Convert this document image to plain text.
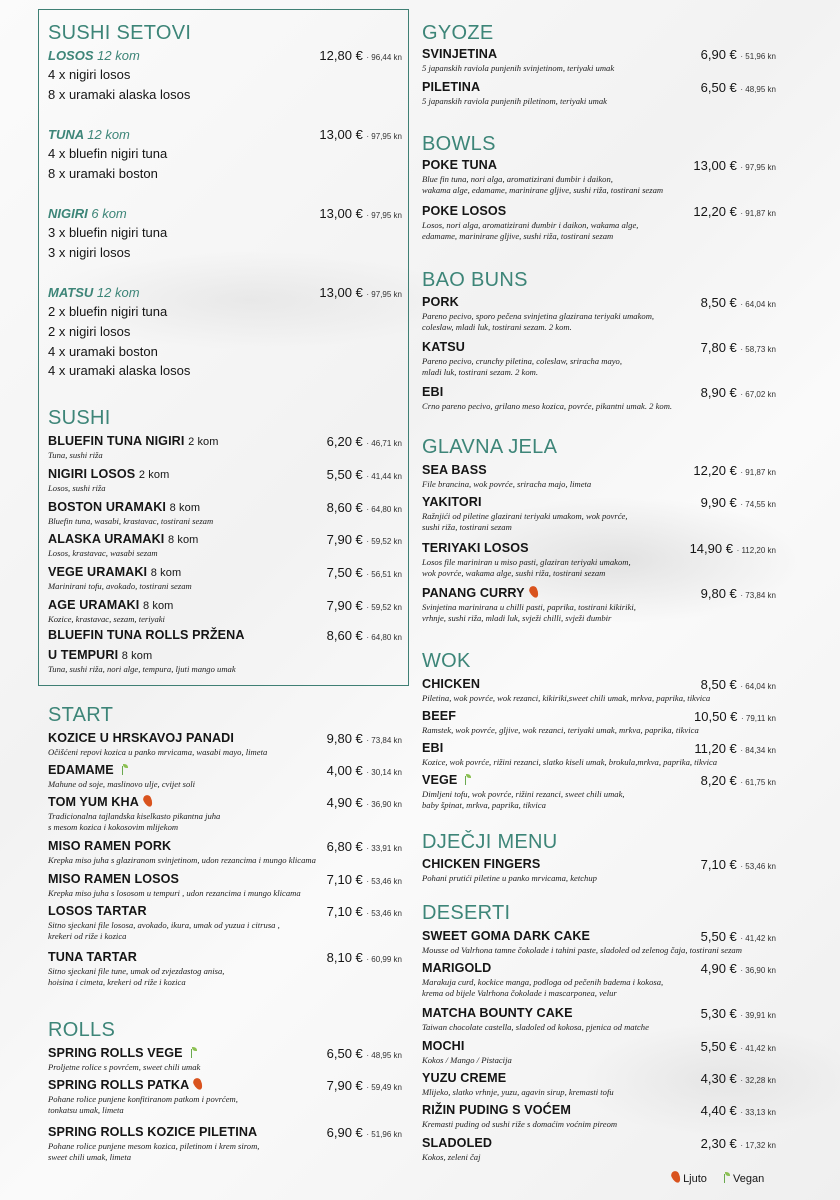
SUSHI SETOVI
LOSOS 12 kom	12,80 € · 96,44 kn
4 x nigiri losos
8 x uramaki alaska losos
TUNA 12 kom	13,00 € · 97,95 kn
4 x bluefin nigiri tuna
8 x uramaki boston
NIGIRI 6 kom	13,00 € · 97,95 kn
3 x bluefin nigiri tuna
3 x nigiri losos
MATSU 12 kom	13,00 € · 97,95 kn
2 x bluefin nigiri tuna
2 x nigiri losos
4 x uramaki boston
4 x uramaki alaska losos
SUSHI
BLUEFIN TUNA NIGIRI 2 kom	6,20 € · 46,71 kn
Tuna, sushi riža
NIGIRI LOSOS 2 kom	5,50 € · 41,44 kn
Losos, sushi riža
BOSTON URAMAKI 8 kom	8,60 € · 64,80 kn
Bluefin tuna, wasabi, krastavac, tostirani sezam
ALASKA URAMAKI 8 kom	7,90 € · 59,52 kn
Losos, krastavac, wasabi sezam
VEGE URAMAKI 8 kom	7,50 € · 56,51 kn
Marinirani tofu, avokado, tostirani sezam
AGE URAMAKI 8 kom	7,90 € · 59,52 kn
Kozice, krastavac, sezam, teriyaki
BLUEFIN TUNA ROLLS PRŽENA
U TEMPURI 8 kom
8,60 € · 64,80 kn
Tuna, sushi riža, nori alge, tempura, ljuti mango umak
START
KOZICE U HRSKAVOJ PANADI	9,80 € · 73,84 kn
Očišćeni repovi kozica u panko mrvicama, wasabi mayo, limeta
EDAMAME	4,00 € · 30,14 kn
Mahune od soje, maslinovo ulje, cvijet soli
TOM YUM KHA	4,90 € · 36,90 kn
Tradicionalna tajlandska kiselkasto pikantna juha
s mesom kozica i kokosovim mlijekom
MISO RAMEN PORK	6,80 € · 33,91 kn
Krepka miso juha s glaziranom svinjetinom, udon rezancima i mungo klicama
MISO RAMEN LOSOS	7,10 € · 53,46 kn
Krepka miso juha s lososom u tempuri , udon rezancima i mungo klicama
LOSOS TARTAR	7,10 € · 53,46 kn
Sitno sjeckani file lososa, avokado, ikura, umak od yuzua i citrusa ,
krekeri od riže i kozica
TUNA TARTAR	8,10 € · 60,99 kn
Sitno sjeckani file tune, umak od zvjezdastog anisa,
hoisina i cimeta, krekeri od riže i kozica
ROLLS
SPRING ROLLS VEGE	6,50 € · 48,95 kn
Proljetne rolice s povrćem, sweet chili umak
SPRING ROLLS PATKA	7,90 € · 59,49 kn
Pohane rolice punjene konfitiranom patkom i povrćem,
tonkatsu umak, limeta
SPRING ROLLS KOZICE PILETINA	6,90 € · 51,96 kn
Pohane rolice punjene mesom kozica, piletinom i krem sirom,
sweet chili umak, limeta
GYOZE
SVINJETINA	6,90 € · 51,96 kn
5 japanskih raviola punjenih svinjetinom, teriyaki umak
PILETINA	6,50 € · 48,95 kn
5 japanskih raviola punjenih piletinom, teriyaki umak
BOWLS
POKE TUNA	13,00 € · 97,95 kn
Blue fin tuna, nori alga, aromatizirani đumbir i daikon,
wakama alge, edamame, marinirane gljive, sushi riža, tostirani sezam
POKE LOSOS	12,20 € · 91,87 kn
Losos, nori alga, aromatizirani đumbir i daikon, wakama alge,
edamame, marinirane gljive, sushi riža, tostirani sezam
BAO BUNS
PORK	8,50 € · 64,04 kn
Pareno pecivo, sporo pečena svinjetina glazirana teriyaki umakom,
coleslaw, mladi luk, tostirani sezam. 2 kom.
KATSU	7,80 € · 58,73 kn
Pareno pecivo, crunchy piletina, coleslaw, sriracha mayo,
mladi luk, tostirani sezam. 2 kom.
EBI	8,90 € · 67,02 kn
Crno pareno pecivo, grilano meso kozica, povrće, pikantni umak. 2 kom.
GLAVNA JELA
SEA BASS	12,20 € · 91,87 kn
File brancina, wok povrće, sriracha majo, limeta
YAKITORI	9,90 € · 74,55 kn
Ražnjići od piletine glazirani teriyaki umakom, wok povrće,
sushi riža, tostirani sezam
TERIYAKI LOSOS	14,90 € · 112,20 kn
Losos file mariniran u miso pasti, glaziran teriyaki umakom,
wok povrće, wakama alge, sushi riža, tostirani sezam
PANANG CURRY	9,80 € · 73,84 kn
Svinjetina marinirana u chilli pasti, paprika, tostirani kikiriki,
vrhnje, sushi riža, mladi luk, svježi chilli, svježi đumbir
WOK
CHICKEN	8,50 € · 64,04 kn
Piletina, wok povrće, wok rezanci, kikiriki,sweet chili umak, mrkva, paprika, tikvica
BEEF	10,50 € · 79,11 kn
Ramstek, wok povrće, gljive, wok rezanci, teriyaki umak, mrkva, paprika, tikvica
EBI	11,20 € · 84,34 kn
Kozice, wok povrće, rižini rezanci, slatko kiseli umak, brokula,mrkva, paprika, tikvica
VEGE	8,20 € · 61,75 kn
Dimljeni tofu, wok povrće, rižini rezanci, sweet chili umak,
baby špinat, mrkva, paprika, tikvica
DJEČJI MENU
CHICKEN FINGERS	7,10 € · 53,46 kn
Pohani prutići piletine u panko mrvicama, ketchup
DESERTI
SWEET GOMA DARK CAKE	5,50 € · 41,42 kn
Mousse od Valrhona tamne čokolade i tahini paste, sladoled od zelenog čaja, tostirani sezam
MARIGOLD	4,90 € · 36,90 kn
Marakuja curd, kockice manga, podloga od pečenih badema i kokosa,
krema od bijele Valrhona čokolade i mascarponea, velur
MATCHA BOUNTY CAKE	5,30 € · 39,91 kn
Taiwan chocolate castella, sladoled od kokosa, pjenica od matche
MOCHI	5,50 € · 41,42 kn
Kokos / Mango / Pistacija
YUZU CREME	4,30 € · 32,28 kn
Mlijeko, slatko vrhnje, yuzu, agavin sirup, kremasti tofu
RIŽIN PUDING S VOĆEM	4,40 € · 33,13 kn
Kremasti puding od sushi riže s domaćim voćnim pireom
SLADOLED	2,30 € · 17,32 kn
Kokos, zeleni čaj
Ljuto Vegan
